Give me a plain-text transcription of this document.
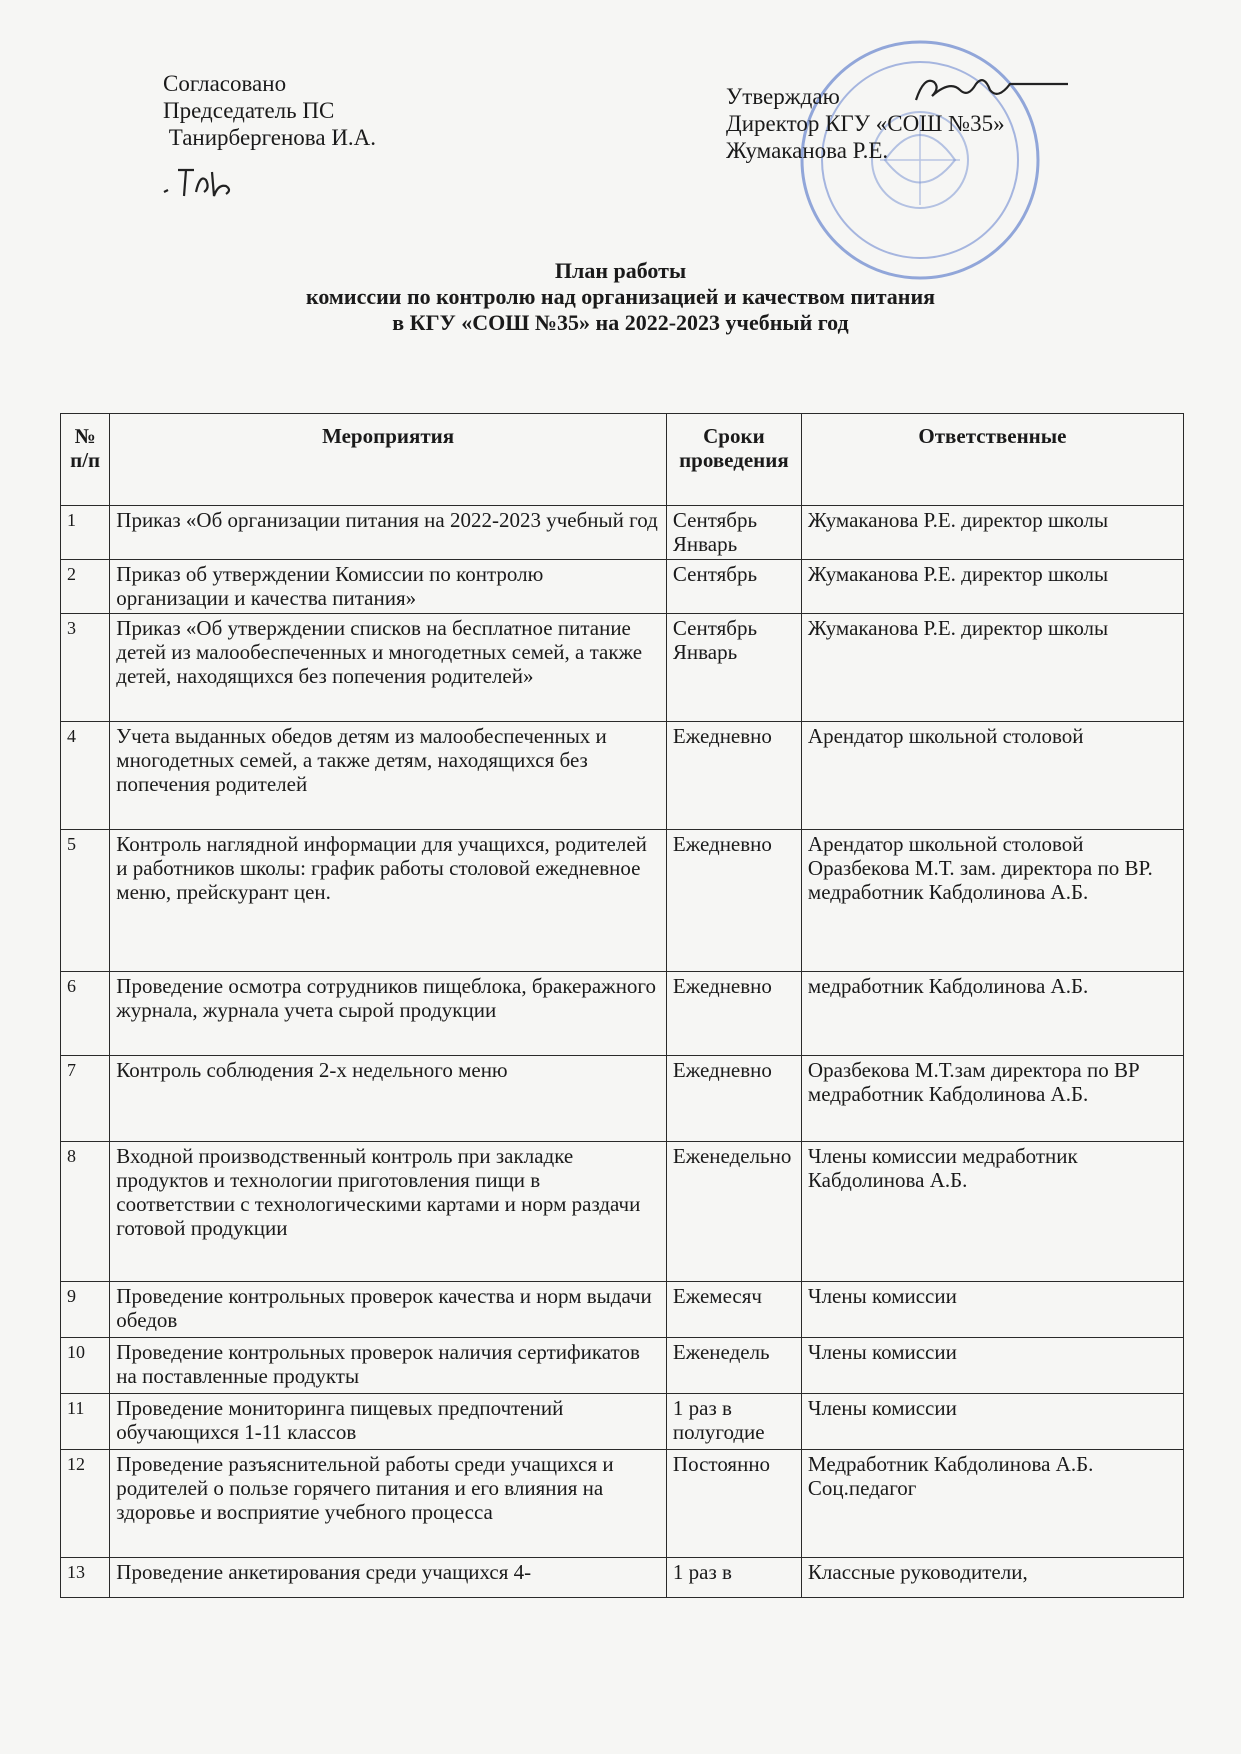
Согласовано
Председатель ПС
Танирбергенова И.А.
Утверждаю
Директор КГУ «СОШ №35»
Жумаканова Р.Е.
План работы
комиссии по контролю над организацией и качеством питания
в КГУ «СОШ №35» на 2022-2023 учебный год
№ п/п	Мероприятия	Сроки проведения	Ответственные
1	Приказ «Об организации питания на 2022-2023 учебный год	Сентябрь Январь	Жумаканова Р.Е. директор школы
2	Приказ об утверждении Комиссии по контролю организации и качества питания»	Сентябрь	Жумаканова Р.Е. директор школы
3	Приказ «Об утверждении списков на бесплатное питание детей из малообеспеченных и многодетных семей, а также детей, находящихся без попечения родителей»	Сентябрь Январь	Жумаканова Р.Е. директор школы
4	Учета выданных обедов детям из малообеспеченных и многодетных семей, а также детям, находящихся без попечения родителей	Ежедневно	Арендатор школьной столовой
5	Контроль наглядной информации для учащихся, родителей и работников школы: график работы столовой ежедневное меню, прейскурант цен.	Ежедневно	Арендатор школьной столовой Оразбекова М.Т. зам. директора по ВР. медработник Кабдолинова А.Б.
6	Проведение осмотра сотрудников пищеблока, бракеражного журнала, журнала учета сырой продукции	Ежедневно	медработник Кабдолинова А.Б.
7	Контроль соблюдения 2-х недельного меню	Ежедневно	Оразбекова М.Т.зам директора по ВР медработник Кабдолинова А.Б.
8	Входной производственный контроль при закладке продуктов и технологии приготовления пищи в соответствии с технологическими картами и норм раздачи готовой продукции	Еженедельно	Члены комиссии медработник Кабдолинова А.Б.
9	Проведение контрольных проверок качества и норм выдачи обедов	Ежемесяч	Члены комиссии
10	Проведение контрольных проверок наличия сертификатов на поставленные продукты	Еженедель	Члены комиссии
11	Проведение мониторинга пищевых предпочтений обучающихся 1-11 классов	1 раз в полугодие	Члены комиссии
12	Проведение разъяснительной работы среди учащихся и родителей о пользе горячего питания и его влияния на здоровье и восприятие учебного процесса	Постоянно	Медработник Кабдолинова А.Б. Соц.педагог
13	Проведение анкетирования среди учащихся 4-	1 раз в	Классные руководители,
